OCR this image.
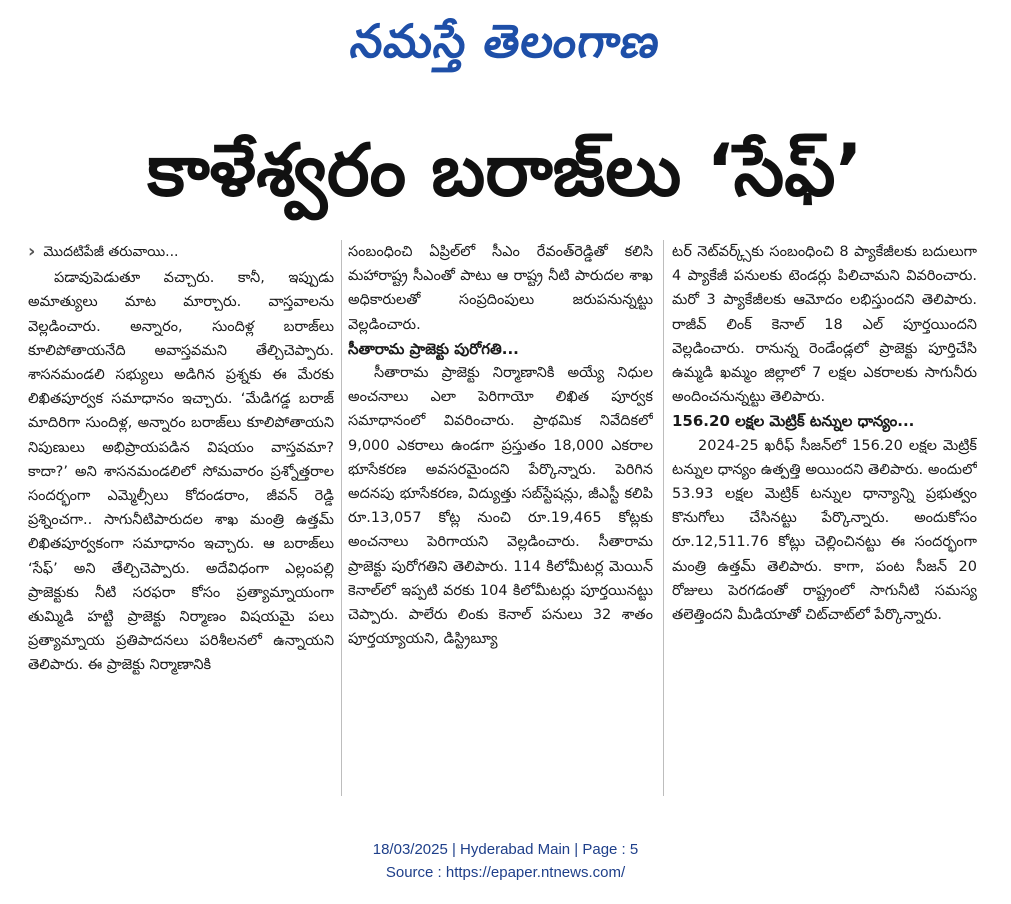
నమస్తే తెలంగాణ
కాళేశ్వరం బరాజ్‌లు ‘సేఫ్’
› మొదటిపేజీ తరువాయి...

పడావుపెడుతూ వచ్చారు. కానీ, ఇప్పుడు అమాత్యులు మాట మార్చారు. వాస్తవాలను వెల్లడించారు. అన్నారం, సుందిళ్ల బరాజ్‌లు కూలిపోతాయనేది అవాస్తవమని తేల్చిచెప్పారు. శాసనమండలి సభ్యులు అడిగిన ప్రశ్నకు ఈ మేరకు లిఖితపూర్వక సమాధానం ఇచ్చారు. ‘మేడిగడ్డ బరాజ్ మాదిరిగా సుందిళ్ల, అన్నారం బరాజ్‌లు కూలిపోతాయని నిపుణులు అభిప్రాయపడిన విషయం వాస్తవమా? కాదా?’ అని శాసనమండలిలో సోమవారం ప్రశ్నోత్తరాల సందర్భంగా ఎమ్మెల్సీలు కోదండరాం, జీవన్ రెడ్డి ప్రశ్నించగా.. సాగునీటిపారుదల శాఖ మంత్రి ఉత్తమ్ లిఖితపూర్వకంగా సమాధానం ఇచ్చారు. ఆ బరాజ్‌లు ‘సేఫ్’ అని తేల్చిచెప్పారు. అదేవిధంగా ఎల్లంపల్లి ప్రాజెక్టుకు నీటి సరఫరా కోసం ప్రత్యామ్నాయంగా తుమ్మిడి హట్టి ప్రాజెక్టు నిర్మాణం విషయమై పలు ప్రత్యామ్నాయ ప్రతిపాదనలు పరిశీలనలో ఉన్నాయని తెలిపారు. ఈ ప్రాజెక్టు నిర్మాణానికి

సంబంధించి ఏప్రిల్‌లో సీఎం రేవంత్‌రెడ్డితో కలిసి మహారాష్ట్ర సీఎంతో పాటు ఆ రాష్ట్ర నీటి పారుదల శాఖ అధికారులతో సంప్రదింపులు జరుపనున్నట్టు వెల్లడించారు.

సీతారామ ప్రాజెక్టు పురోగతి...

సీతారామ ప్రాజెక్టు నిర్మాణానికి అయ్యే నిధుల అంచనాలు ఎలా పెరిగాయో లిఖిత పూర్వక సమాధానంలో వివరించారు. ప్రాథమిక నివేదికలో 9,000 ఎకరాలు ఉండగా ప్రస్తుతం 18,000 ఎకరాల భూసేకరణ అవసరమైందని పేర్కొన్నారు. పెరిగిన అదనపు భూసేకరణ, విద్యుత్తు సబ్‌స్టేషన్లు, జీఎస్టీ కలిపి రూ.13,057 కోట్ల నుంచి రూ.19,465 కోట్లకు అంచనాలు పెరిగాయని వెల్లడించారు. సీతారామ ప్రాజెక్టు పురోగతిని తెలిపారు. 114 కిలోమీటర్ల మెయిన్ కెనాల్‌లో ఇప్పటి వరకు 104 కిలోమీటర్లు పూర్తయినట్టు చెప్పారు. పాలేరు లింకు కెనాల్ పనులు 32 శాతం పూర్తయ్యాయని, డిస్ట్రిబ్యూ

టర్ నెట్‌వర్క్స్‌కు సంబంధించి 8 ప్యాకేజీలకు బదులుగా 4 ప్యాకేజీ పనులకు టెండర్లు పిలిచామని వివరించారు. మరో 3 ప్యాకేజీలకు ఆమోదం లభిస్తుందని తెలిపారు. రాజీవ్ లింక్ కెనాల్ 18 ఎల్ పూర్తయిందని వెల్లడించారు. రానున్న రెండేండ్లలో ప్రాజెక్టు పూర్తిచేసి ఉమ్మడి ఖమ్మం జిల్లాలో 7 లక్షల ఎకరాలకు సాగునీరు అందించనున్నట్టు తెలిపారు.

156.20 లక్షల మెట్రిక్ టన్నుల ధాన్యం...

2024-25 ఖరీఫ్ సీజన్‌లో 156.20 లక్షల మెట్రిక్ టన్నుల ధాన్యం ఉత్పత్తి అయిందని తెలిపారు. అందులో 53.93 లక్షల మెట్రిక్ టన్నుల ధాన్యాన్ని ప్రభుత్వం కొనుగోలు చేసినట్టు పేర్కొన్నారు. అందుకోసం రూ.12,511.76 కోట్లు చెల్లించినట్టు ఈ సందర్భంగా మంత్రి ఉత్తమ్ తెలిపారు. కాగా, పంట సీజన్ 20 రోజులు పెరగడంతో రాష్ట్రంలో సాగునీటి సమస్య తలెత్తిందని మీడియాతో చిట్‌చాట్‌లో పేర్కొన్నారు.

18/03/2025 | Hyderabad Main | Page : 5
Source : https://epaper.ntnews.com/
